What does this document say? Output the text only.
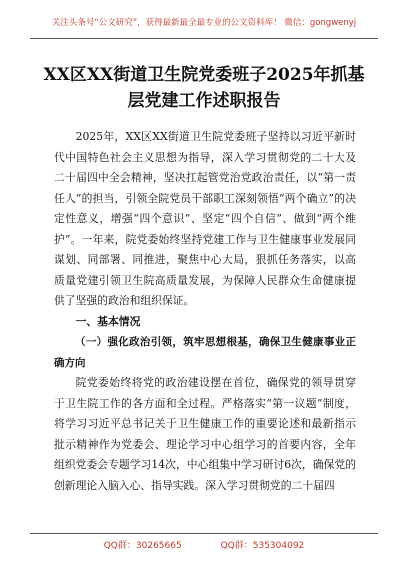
关注头条号“公文研究”，获得最新最全最专业的公文资料库！ 微信：gongwenyj
XX区XX街道卫生院党委班子2025年抓基层党建工作述职报告

2025年，XX区XX街道卫生院党委班子坚持以习近平新时代中国特色社会主义思想为指导，深入学习贯彻党的二十大及二十届四中全会精神，坚决扛起管党治党政治责任，以“第一责任人”的担当，引领全院党员干部职工深刻领悟“两个确立”的决定性意义，增强“四个意识”、坚定“四个自信”、做到“两个维护”。一年来，院党委始终坚持党建工作与卫生健康事业发展同谋划、同部署、同推进，聚焦中心大局，狠抓任务落实，以高质量党建引领卫生院高质量发展，为保障人民群众生命健康提供了坚强的政治和组织保证。

一、基本情况

（一）强化政治引领，筑牢思想根基，确保卫生健康事业正确方向

院党委始终将党的政治建设摆在首位，确保党的领导贯穿于卫生院工作的各方面和全过程。严格落实“第一议题”制度，将学习习近平总书记关于卫生健康工作的重要论述和最新指示批示精神作为党委会、理论学习中心组学习的首要内容，全年组织党委会专题学习14次，中心组集中学习研讨6次，确保党的创新理论入脑入心、指导实践。深入学习贯彻党的二十届四

QQ群：30265665	QQ群：535304092
